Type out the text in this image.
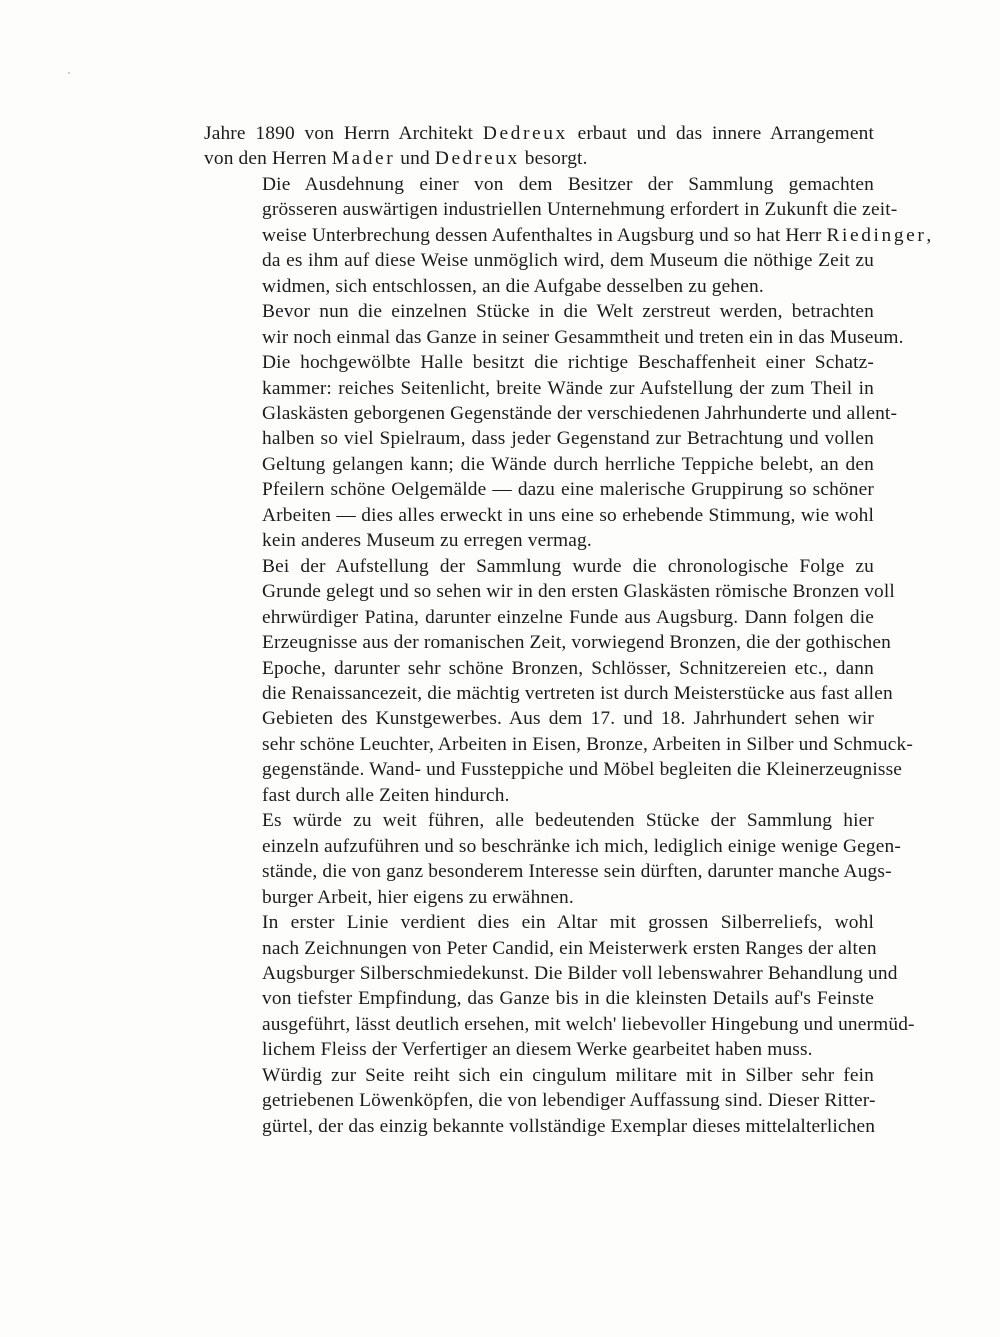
Jahre 1890 von Herrn Architekt Dedreux erbaut und das innere Arrangement
von den Herren Mader und Dedreux besorgt.
Die Ausdehnung einer von dem Besitzer der Sammlung gemachten
grösseren auswärtigen industriellen Unternehmung erfordert in Zukunft die zeit-
weise Unterbrechung dessen Aufenthaltes in Augsburg und so hat Herr Riedinger,
da es ihm auf diese Weise unmöglich wird, dem Museum die nöthige Zeit zu
widmen, sich entschlossen, an die Aufgabe desselben zu gehen.
Bevor nun die einzelnen Stücke in die Welt zerstreut werden, betrachten
wir noch einmal das Ganze in seiner Gesammtheit und treten ein in das Museum.
Die hochgewölbte Halle besitzt die richtige Beschaffenheit einer Schatz-
kammer: reiches Seitenlicht, breite Wände zur Aufstellung der zum Theil in
Glaskästen geborgenen Gegenstände der verschiedenen Jahrhunderte und allent-
halben so viel Spielraum, dass jeder Gegenstand zur Betrachtung und vollen
Geltung gelangen kann; die Wände durch herrliche Teppiche belebt, an den
Pfeilern schöne Oelgemälde — dazu eine malerische Gruppirung so schöner
Arbeiten — dies alles erweckt in uns eine so erhebende Stimmung, wie wohl
kein anderes Museum zu erregen vermag.
Bei der Aufstellung der Sammlung wurde die chronologische Folge zu
Grunde gelegt und so sehen wir in den ersten Glaskästen römische Bronzen voll
ehrwürdiger Patina, darunter einzelne Funde aus Augsburg. Dann folgen die
Erzeugnisse aus der romanischen Zeit, vorwiegend Bronzen, die der gothischen
Epoche, darunter sehr schöne Bronzen, Schlösser, Schnitzereien etc., dann
die Renaissancezeit, die mächtig vertreten ist durch Meisterstücke aus fast allen
Gebieten des Kunstgewerbes. Aus dem 17. und 18. Jahrhundert sehen wir
sehr schöne Leuchter, Arbeiten in Eisen, Bronze, Arbeiten in Silber und Schmuck-
gegenstände. Wand- und Fussteppiche und Möbel begleiten die Kleinerzeugnisse
fast durch alle Zeiten hindurch.
Es würde zu weit führen, alle bedeutenden Stücke der Sammlung hier
einzeln aufzuführen und so beschränke ich mich, lediglich einige wenige Gegen-
stände, die von ganz besonderem Interesse sein dürften, darunter manche Augs-
burger Arbeit, hier eigens zu erwähnen.
In erster Linie verdient dies ein Altar mit grossen Silberreliefs, wohl
nach Zeichnungen von Peter Candid, ein Meisterwerk ersten Ranges der alten
Augsburger Silberschmiedekunst. Die Bilder voll lebenswahrer Behandlung und
von tiefster Empfindung, das Ganze bis in die kleinsten Details auf's Feinste
ausgeführt, lässt deutlich ersehen, mit welch' liebevoller Hingebung und unermüd-
lichem Fleiss der Verfertiger an diesem Werke gearbeitet haben muss.
Würdig zur Seite reiht sich ein cingulum militare mit in Silber sehr fein
getriebenen Löwenköpfen, die von lebendiger Auffassung sind. Dieser Ritter-
gürtel, der das einzig bekannte vollständige Exemplar dieses mittelalterlichen
